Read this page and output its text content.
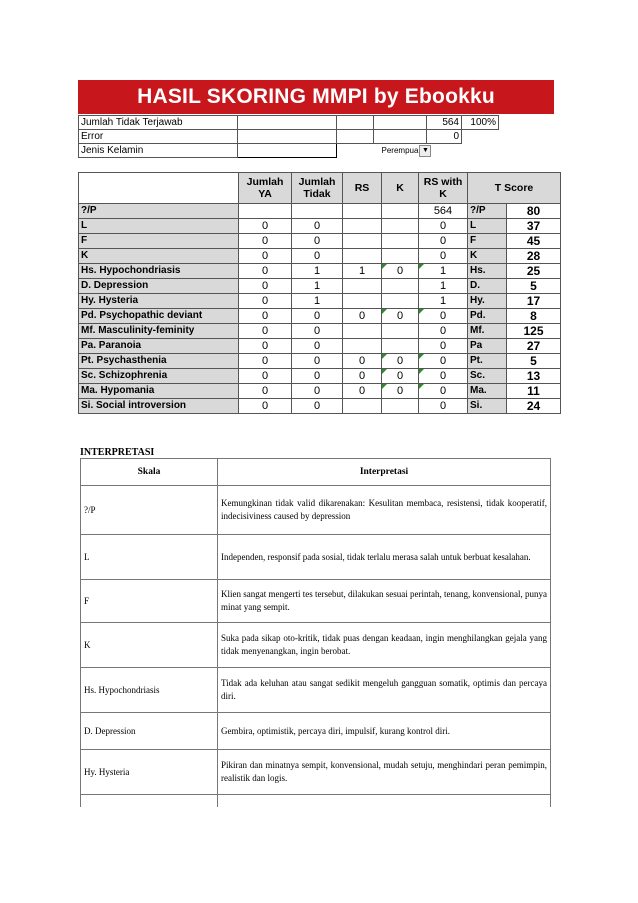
HASIL SKORING MMPI by Ebookku
Jumlah Tidak Terjawab				564	100%
Error				0	
Jenis Kelamin			Perempua ▼		
	Jumlah YA	Jumlah Tidak	RS	K	RS with K	T Score	
?/P					564	?/P	80
L	0	0			0	L	37
F	0	0			0	F	45
K	0	0			0	K	28
Hs. Hypochondriasis	0	1	1	0	1	Hs.	25
D. Depression	0	1			1	D.	5
Hy. Hysteria	0	1			1	Hy.	17
Pd. Psychopathic deviant	0	0	0	0	0	Pd.	8
Mf. Masculinity-feminity	0	0			0	Mf.	125
Pa. Paranoia	0	0			0	Pa	27
Pt. Psychasthenia	0	0	0	0	0	Pt.	5
Sc. Schizophrenia	0	0	0	0	0	Sc.	13
Ma. Hypomania	0	0	0	0	0	Ma.	11
Si. Social introversion	0	0			0	Si.	24
INTERPRETASI
Skala	Interpretasi
?/P	Kemungkinan tidak valid dikarenakan: Kesulitan membaca, resistensi, tidak kooperatif, indecisiviness caused by depression
L	Independen, responsif pada sosial, tidak terlalu merasa salah untuk berbuat kesalahan.
F	Klien sangat mengerti tes tersebut, dilakukan sesuai perintah, tenang, konvensional, punya minat yang sempit.
K	Suka pada sikap oto-kritik, tidak puas dengan keadaan, ingin menghilangkan gejala yang tidak menyenangkan, ingin berobat.
Hs. Hypochondriasis	Tidak ada keluhan atau sangat sedikit mengeluh gangguan somatik, optimis dan percaya diri.
D. Depression	Gembira, optimistik, percaya diri, impulsif, kurang kontrol diri.
Hy. Hysteria	Pikiran dan minatnya sempit, konvensional, mudah setuju, menghindari peran pemimpin, realistik dan logis.
